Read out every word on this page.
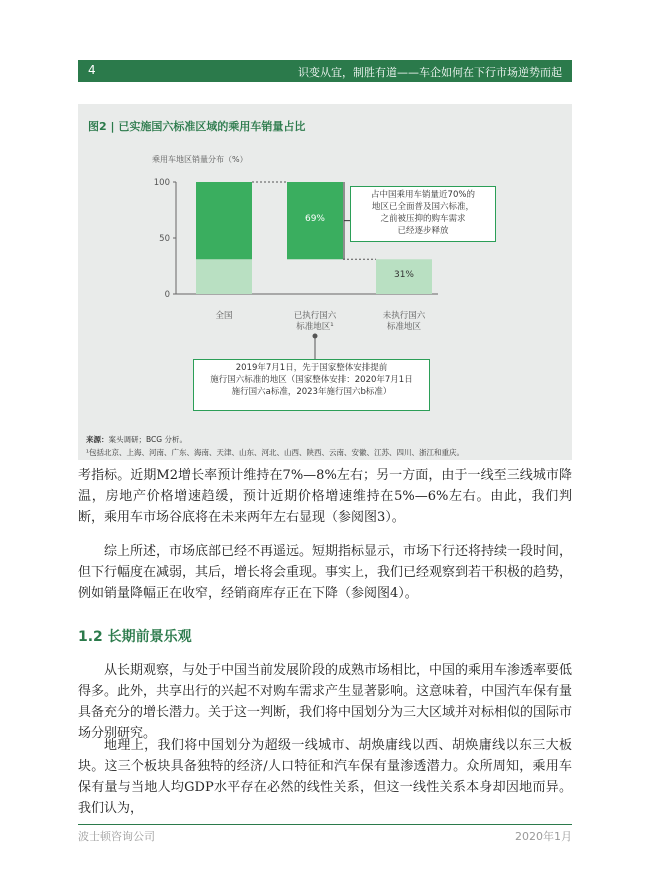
4	识变从宜，制胜有道——车企如何在下行市场逆势而起
图2 | 已实施国六标准区域的乘用车销量占比
乘用车地区销量分布（%）
0
50
100
69%
31%
全国	已执行国六
标准地区¹
未执行国六
标准地区
占中国乘用车销量近70%的
地区已全面普及国六标准，
之前被压抑的购车需求
已经逐步释放
2019年7月1日，先于国家整体安排提前
施行国六标准的地区（国家整体安排：2020年7月1日
施行国六a标准，2023年施行国六b标准）
来源：案头调研；BCG 分析。
¹包括北京、上海、河南、广东、海南、天津、山东、河北、山西、陕西、云南、安徽、江苏、四川、浙江和重庆。
考指标。近期M2增长率预计维持在7%—8%左右；另一方面，由于一线至三线城市降温，房地产价格增速趋缓，预计近期价格增速维持在5%—6%左右。由此，我们判断，乘用车市场谷底将在未来两年左右显现（参阅图3）。
综上所述，市场底部已经不再遥远。短期指标显示，市场下行还将持续一段时间，但下行幅度在减弱，其后，增长将会重现。事实上，我们已经观察到若干积极的趋势，例如销量降幅正在收窄，经销商库存正在下降（参阅图4）。
1.2 长期前景乐观
从长期观察，与处于中国当前发展阶段的成熟市场相比，中国的乘用车渗透率要低得多。此外，共享出行的兴起不对购车需求产生显著影响。这意味着，中国汽车保有量具备充分的增长潜力。关于这一判断，我们将中国划分为三大区域并对标相似的国际市场分别研究。
地理上，我们将中国划分为超级一线城市、胡焕庸线以西、胡焕庸线以东三大板块。这三个板块具备独特的经济/人口特征和汽车保有量渗透潜力。众所周知，乘用车保有量与当地人均GDP水平存在必然的线性关系，但这一线性关系本身却因地而异。我们认为，
波士顿咨询公司	2020年1月
